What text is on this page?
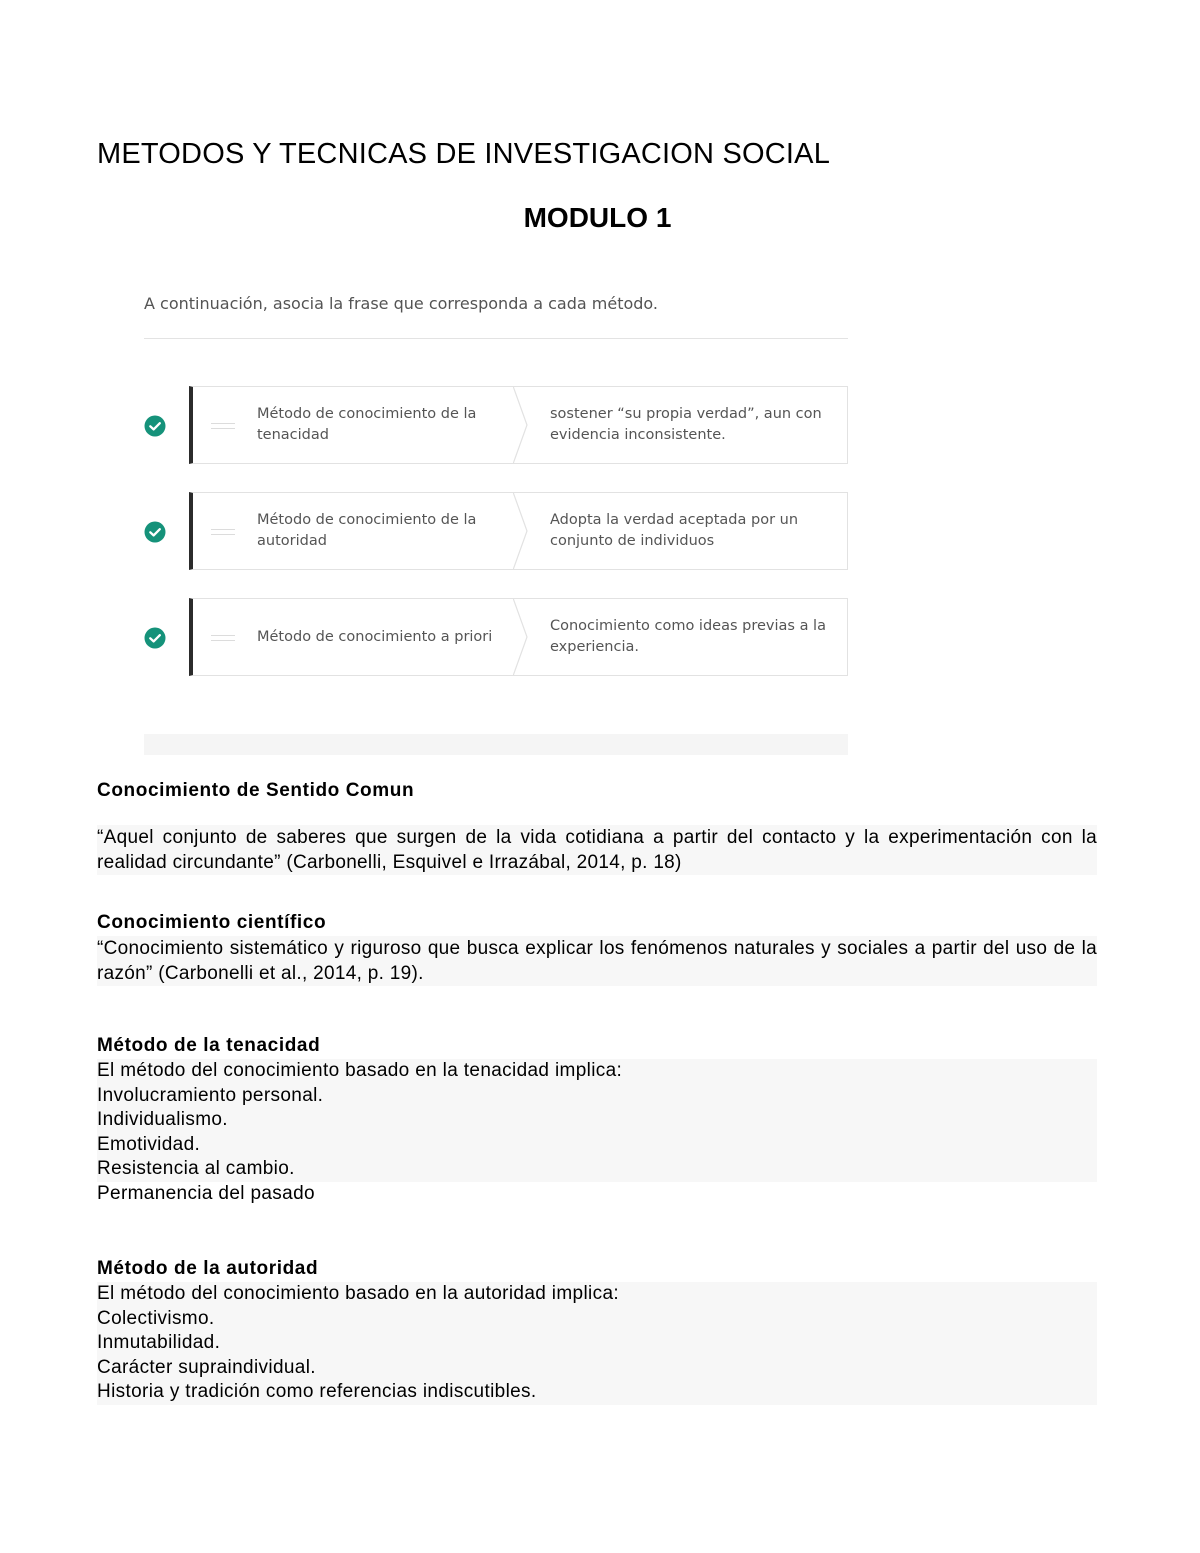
METODOS Y TECNICAS DE INVESTIGACION SOCIAL
MODULO 1
A continuación, asocia la frase que corresponda a cada método.
Método de conocimiento de la tenacidad
sostener “su propia verdad”, aun con evidencia inconsistente.
Método de conocimiento de la autoridad
Adopta la verdad aceptada por un conjunto de individuos
Método de conocimiento a priori
Conocimiento como ideas previas a la experiencia.

Conocimiento de Sentido Comun

“Aquel conjunto de saberes que surgen de la vida cotidiana a partir del contacto y la experimentación con la realidad circundante” (Carbonelli, Esquivel e Irrazábal, 2014, p. 18)

Conocimiento científico

“Conocimiento sistemático y riguroso que busca explicar los fenómenos naturales y sociales a partir del uso de la razón” (Carbonelli et al., 2014, p. 19).

Método de la tenacidad

El método del conocimiento basado en la tenacidad implica:

Involucramiento personal.

Individualismo.

Emotividad.

Resistencia al cambio.

Permanencia del pasado

Método de la autoridad

El método del conocimiento basado en la autoridad implica:

Colectivismo.

Inmutabilidad.

Carácter supraindividual.

Historia y tradición como referencias indiscutibles.
